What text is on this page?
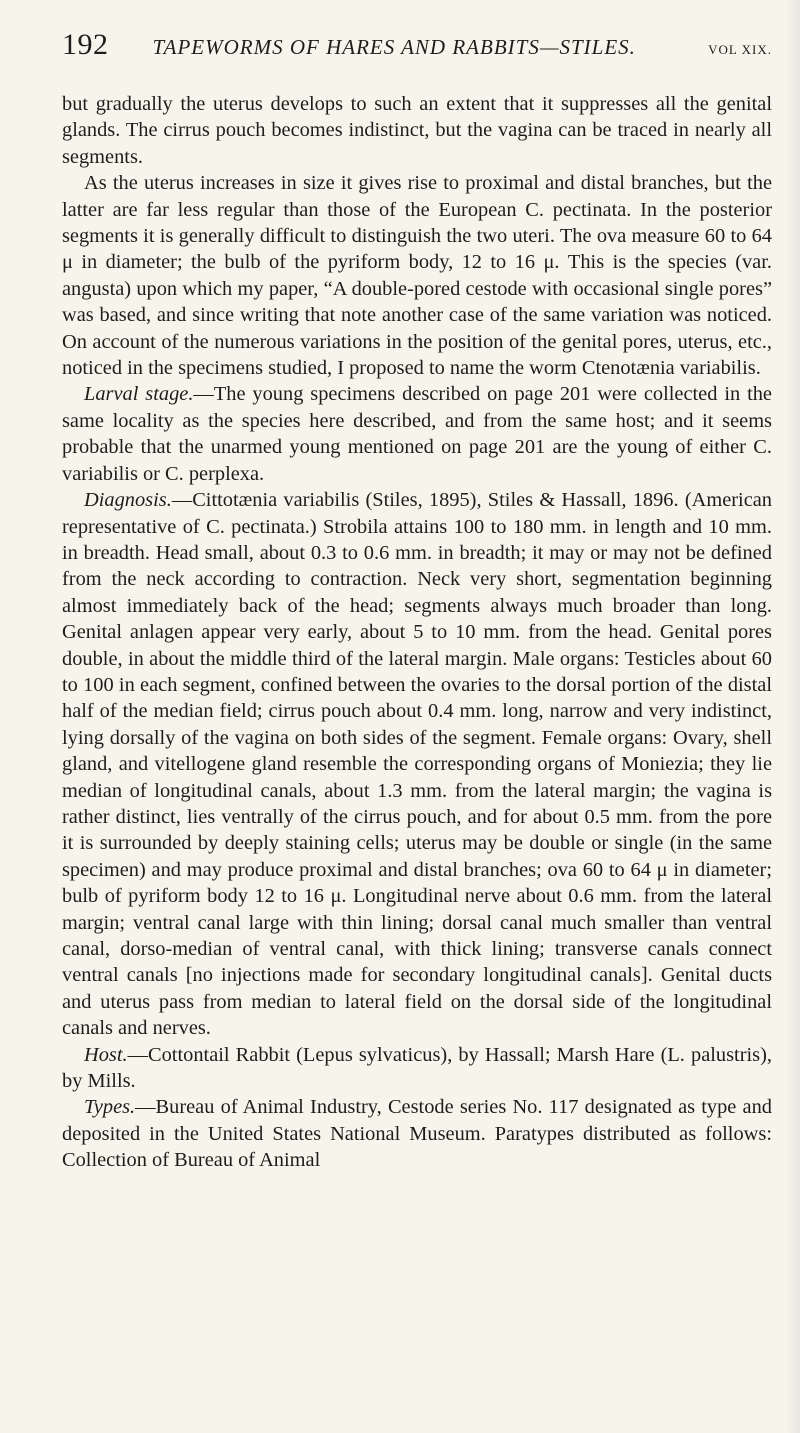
192 TAPEWORMS OF HARES AND RABBITS—STILES.	VOL XIX.

but gradually the uterus develops to such an extent that it suppresses all the genital glands. The cirrus pouch becomes indistinct, but the vagina can be traced in nearly all segments.

As the uterus increases in size it gives rise to proximal and distal branches, but the latter are far less regular than those of the European C. pectinata. In the posterior segments it is generally difficult to distinguish the two uteri. The ova measure 60 to 64 μ in diameter; the bulb of the pyriform body, 12 to 16 μ. This is the species (var. angusta) upon which my paper, “A double-pored cestode with occasional single pores” was based, and since writing that note another case of the same variation was noticed. On account of the numerous variations in the position of the genital pores, uterus, etc., noticed in the specimens studied, I proposed to name the worm Ctenotænia variabilis.

Larval stage.—The young specimens described on page 201 were collected in the same locality as the species here described, and from the same host; and it seems probable that the unarmed young mentioned on page 201 are the young of either C. variabilis or C. perplexa.

Diagnosis.—Cittotænia variabilis (Stiles, 1895), Stiles & Hassall, 1896. (American representative of C. pectinata.) Strobila attains 100 to 180 mm. in length and 10 mm. in breadth. Head small, about 0.3 to 0.6 mm. in breadth; it may or may not be defined from the neck according to contraction. Neck very short, segmentation beginning almost immediately back of the head; segments always much broader than long. Genital anlagen appear very early, about 5 to 10 mm. from the head. Genital pores double, in about the middle third of the lateral margin. Male organs: Testicles about 60 to 100 in each segment, confined between the ovaries to the dorsal portion of the distal half of the median field; cirrus pouch about 0.4 mm. long, narrow and very indistinct, lying dorsally of the vagina on both sides of the segment. Female organs: Ovary, shell gland, and vitellogene gland resemble the corresponding organs of Moniezia; they lie median of longitudinal canals, about 1.3 mm. from the lateral margin; the vagina is rather distinct, lies ventrally of the cirrus pouch, and for about 0.5 mm. from the pore it is surrounded by deeply staining cells; uterus may be double or single (in the same specimen) and may produce proximal and distal branches; ova 60 to 64 μ in diameter; bulb of pyriform body 12 to 16 μ. Longitudinal nerve about 0.6 mm. from the lateral margin; ventral canal large with thin lining; dorsal canal much smaller than ventral canal, dorso-median of ventral canal, with thick lining; transverse canals connect ventral canals [no injections made for secondary longitudinal canals]. Genital ducts and uterus pass from median to lateral field on the dorsal side of the longitudinal canals and nerves.

Host.—Cottontail Rabbit (Lepus sylvaticus), by Hassall; Marsh Hare (L. palustris), by Mills.

Types.—Bureau of Animal Industry, Cestode series No. 117 designated as type and deposited in the United States National Museum. Paratypes distributed as follows: Collection of Bureau of Animal
